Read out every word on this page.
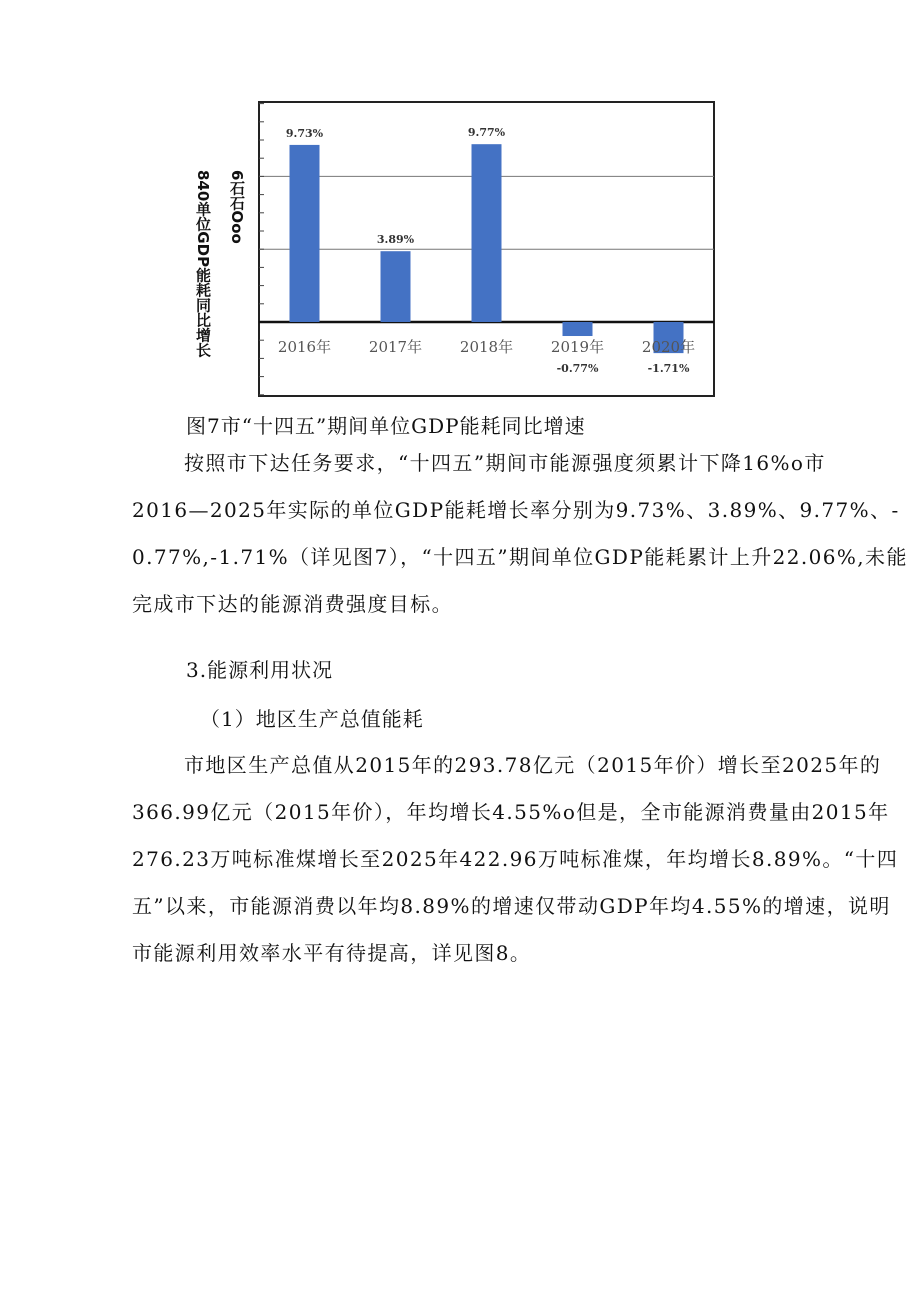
840单位GDP能耗同比增长	6石石Ooo
2016年
9.73%
2017年
3.89%
2018年
9.77%
2019年
-0.77%
2020年
-1.71%
图7市“十四五”期间单位GDP能耗同比增速
按照市下达任务要求，“十四五”期间市能源强度须累计下降16%o市
2016—2025年实际的单位GDP能耗增长率分别为9.73%、3.89%、9.77%、-
0.77%,-1.71%（详见图7），“十四五”期间单位GDP能耗累计上升22.06%,未能
完成市下达的能源消费强度目标。
3.能源利用状况
（1）地区生产总值能耗
市地区生产总值从2015年的293.78亿元（2015年价）增长至2025年的
366.99亿元（2015年价），年均增长4.55%o但是，全市能源消费量由2015年
276.23万吨标准煤增长至2025年422.96万吨标准煤，年均增长8.89%。“十四
五”以来，市能源消费以年均8.89%的增速仅带动GDP年均4.55%的增速，说明
市能源利用效率水平有待提高，详见图8。
